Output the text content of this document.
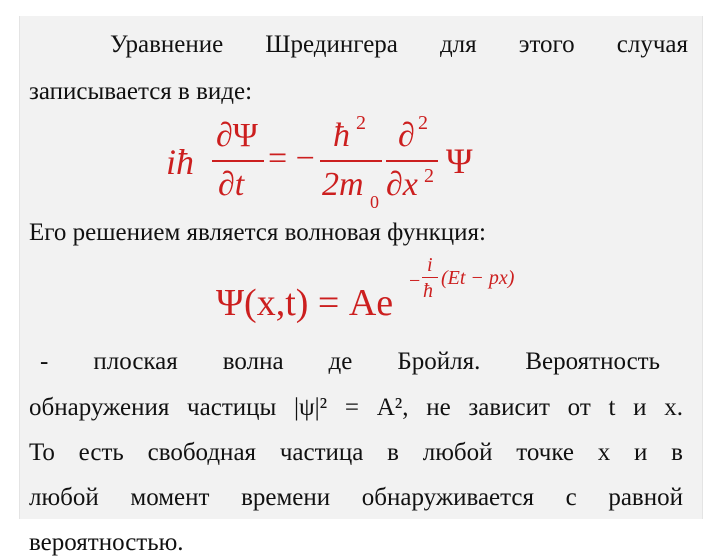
Уравнение Шредингера для этого случая
записывается в виде:
iħ
∂Ψ
∂t
= −
ħ 2
2m 0
∂ 2
∂x 2 Ψ
Его решением является волновая функция:
Ψ(x,t) = Ae
−
i
ħ
(Et − px)
- плоская волна де Бройля. Вероятность
обнаружения частицы |ψ|² = A², не зависит от t и x.
То есть свободная частица в любой точке x и в
любой момент времени обнаруживается с равной
вероятностью.
